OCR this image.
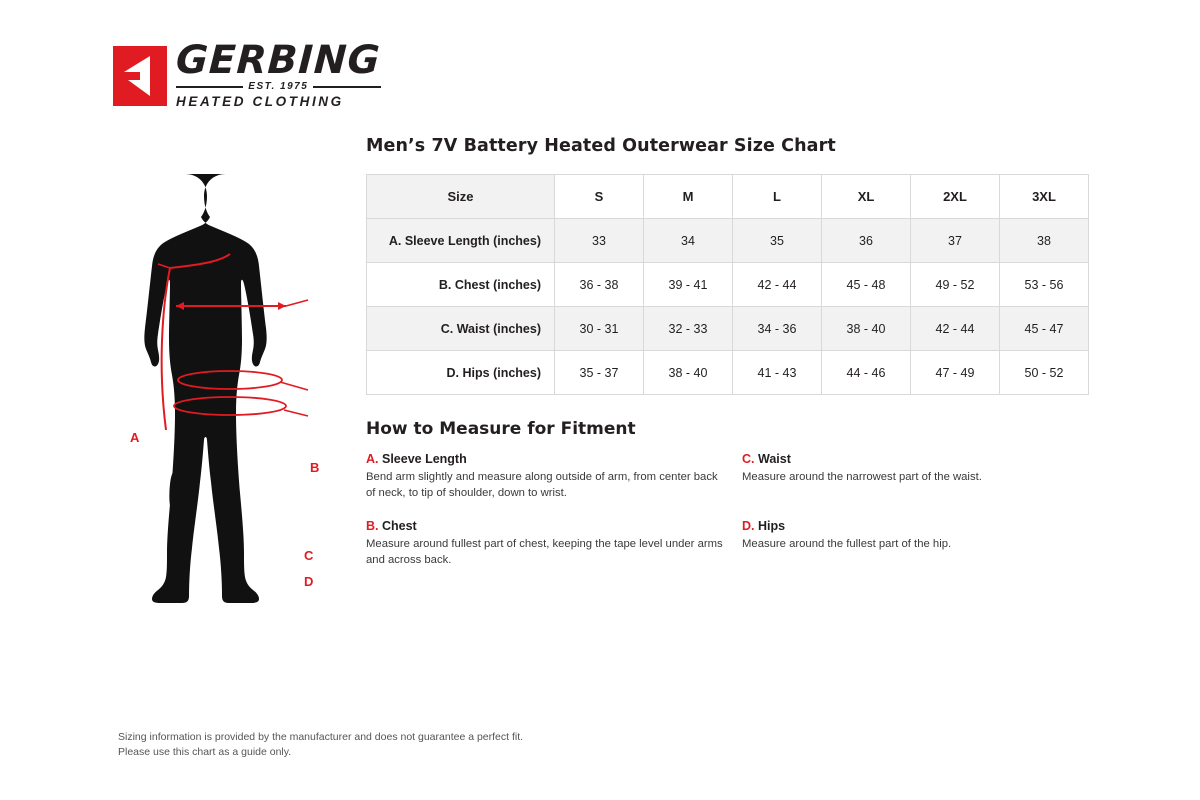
GERBING
EST. 1975
HEATED CLOTHING
A
B
C
D
Men’s 7V Battery Heated Outerwear Size Chart
Size	S	M	L	XL	2XL	3XL
A. Sleeve Length (inches)	33	34	35	36	37	38
B. Chest (inches)	36 - 38	39 - 41	42 - 44	45 - 48	49 - 52	53 - 56
C. Waist (inches)	30 - 31	32 - 33	34 - 36	38 - 40	42 - 44	45 - 47
D. Hips (inches)	35 - 37	38 - 40	41 - 43	44 - 46	47 - 49	50 - 52
How to Measure for Fitment
A. Sleeve Length
Bend arm slightly and measure along outside of arm, from center back of neck, to tip of shoulder, down to wrist.
C. Waist
Measure around the narrowest part of the waist.
B. Chest
Measure around fullest part of chest, keeping the tape level under arms and across back.
D. Hips
Measure around the fullest part of the hip.
Sizing information is provided by the manufacturer and does not guarantee a perfect fit.
Please use this chart as a guide only.
